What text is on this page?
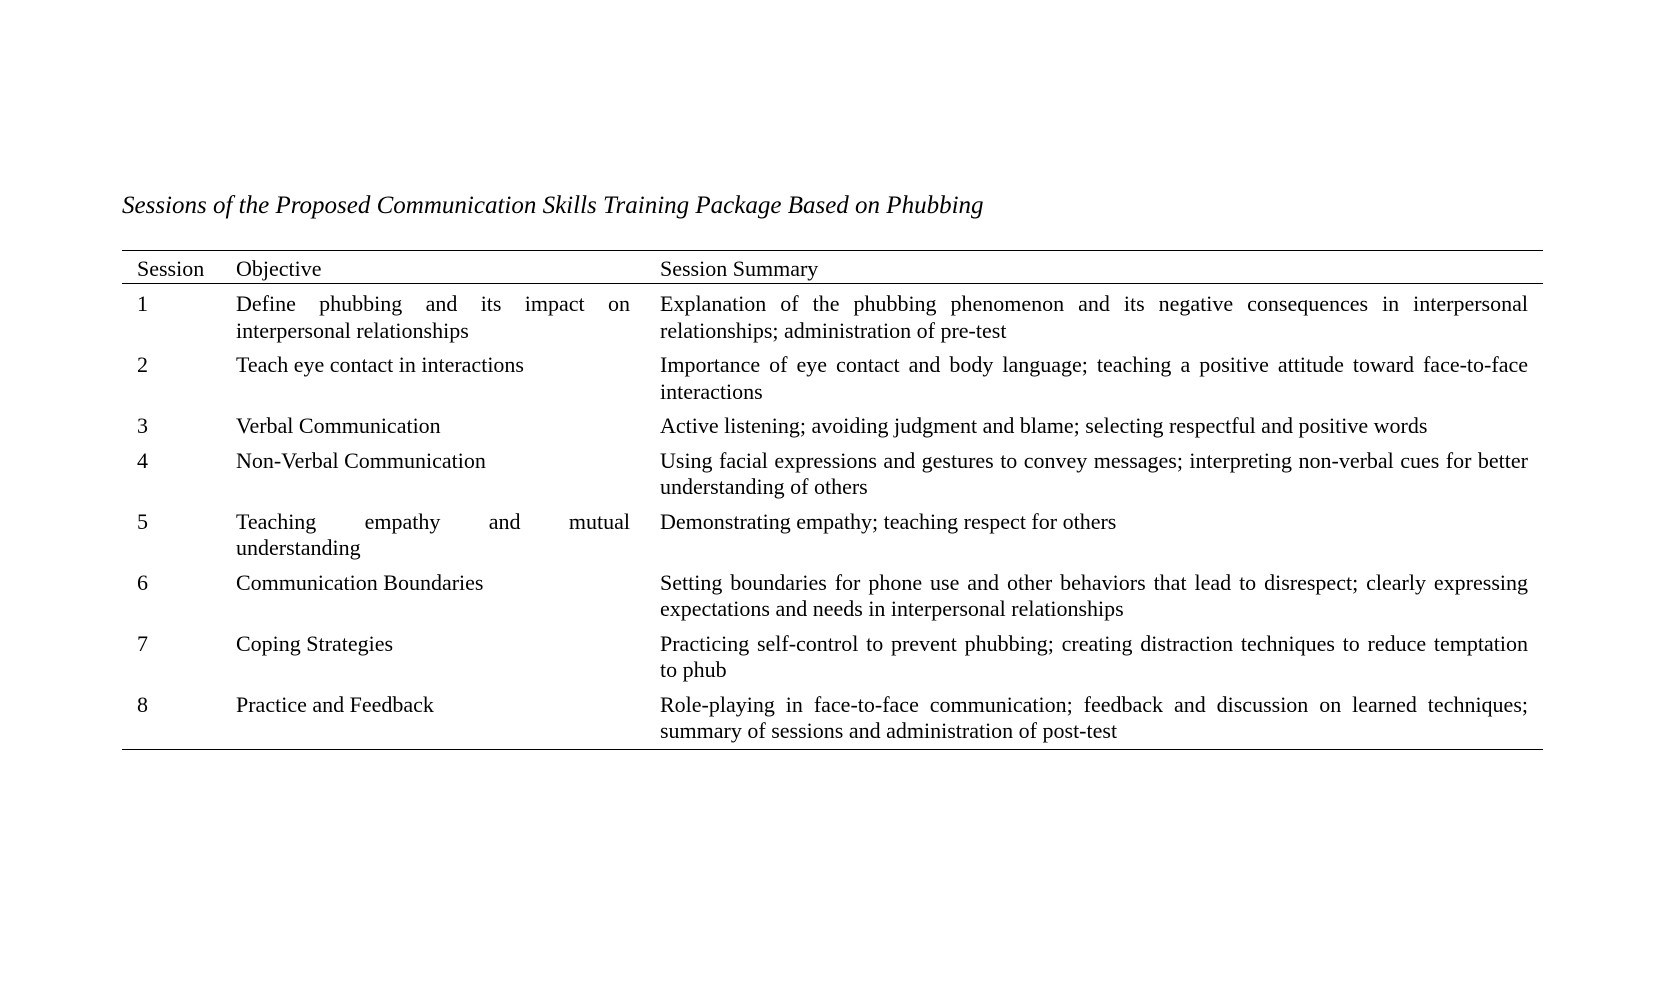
Sessions of the Proposed Communication Skills Training Package Based on Phubbing
Session	Objective	Session Summary
1	Define phubbing and its impact on interpersonal relationships	Explanation of the phubbing phenomenon and its negative consequences in interpersonal relationships; administration of pre-test
2	Teach eye contact in interactions	Importance of eye contact and body language; teaching a positive attitude toward face-to-face interactions
3	Verbal Communication	Active listening; avoiding judgment and blame; selecting respectful and positive words
4	Non-Verbal Communication	Using facial expressions and gestures to convey messages; interpreting non-verbal cues for better understanding of others
5	Teaching empathy and mutual understanding	Demonstrating empathy; teaching respect for others
6	Communication Boundaries	Setting boundaries for phone use and other behaviors that lead to disrespect; clearly expressing expectations and needs in interpersonal relationships
7	Coping Strategies	Practicing self-control to prevent phubbing; creating distraction techniques to reduce temptation to phub
8	Practice and Feedback	Role-playing in face-to-face communication; feedback and discussion on learned techniques; summary of sessions and administration of post-test
